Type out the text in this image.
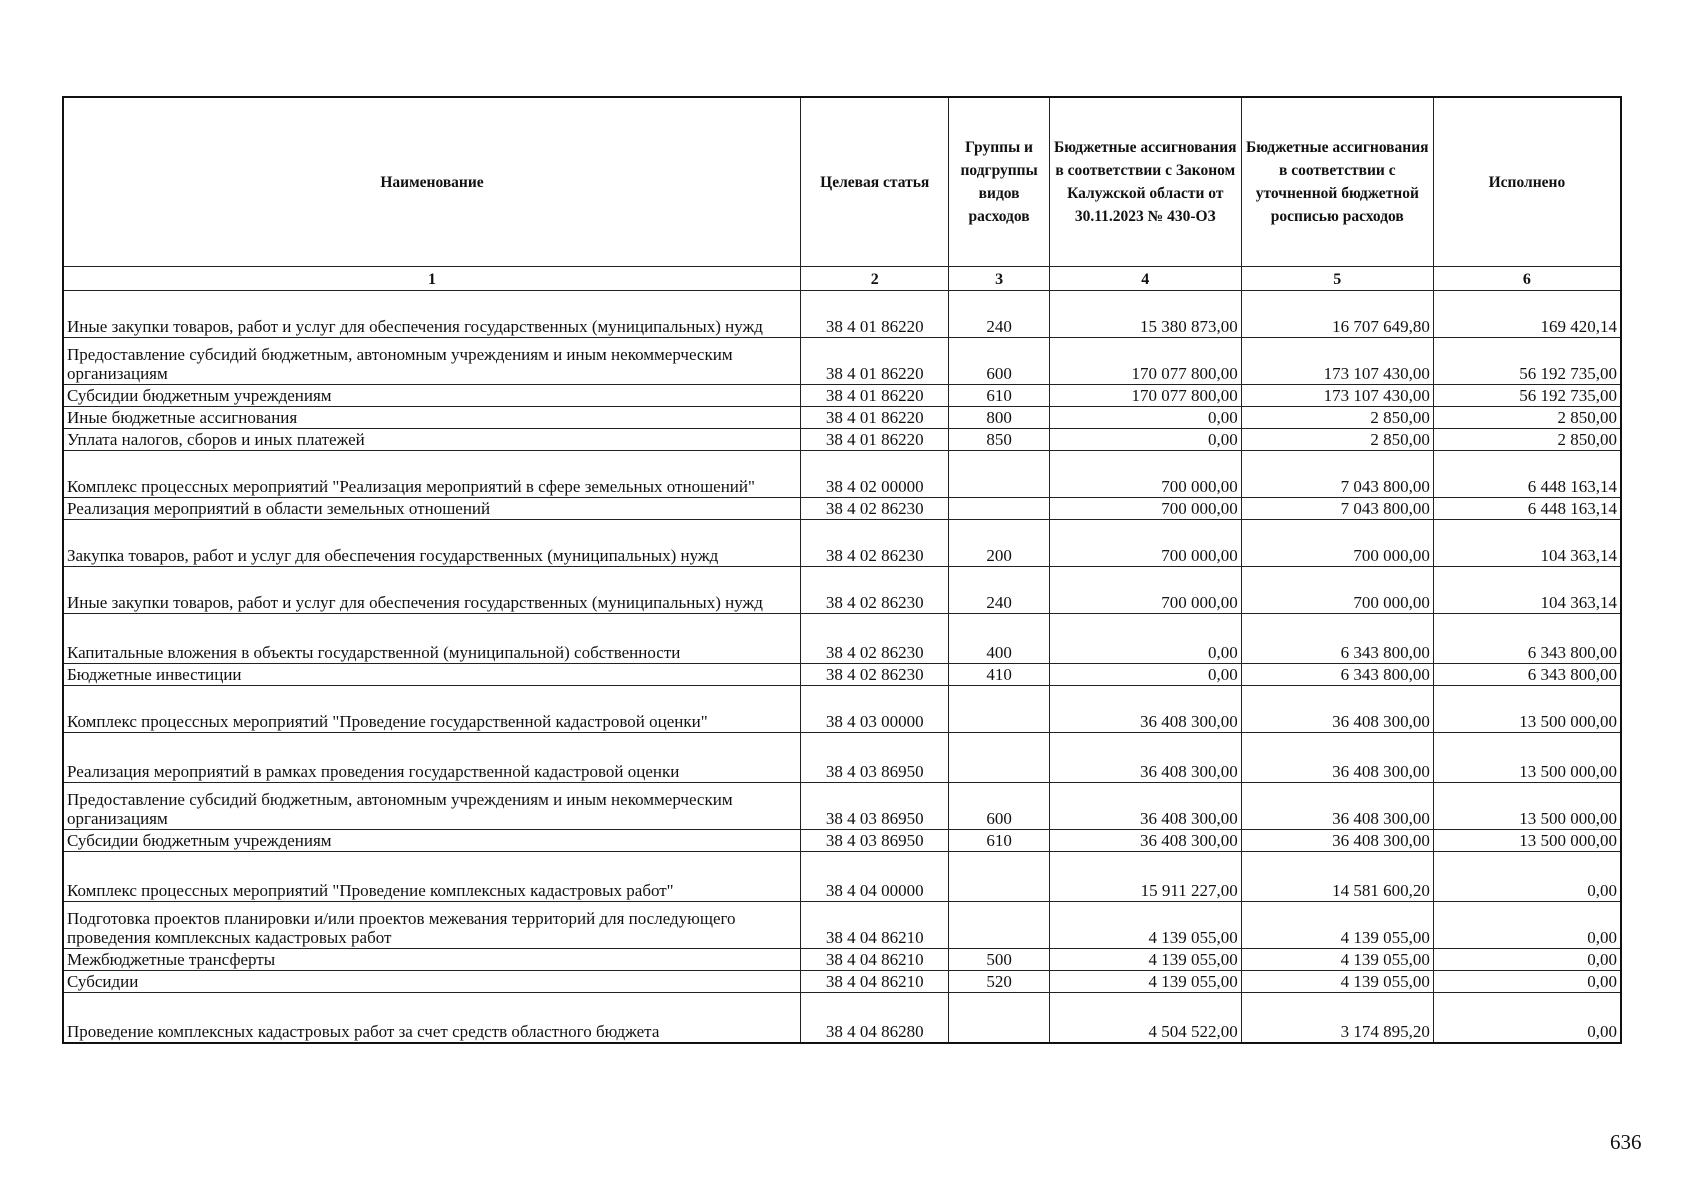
Наименование	Целевая статья	Группы и подгруппы видов расходов	Бюджетные ассигнования в соответствии с Законом Калужской области от 30.11.2023 № 430-ОЗ	Бюджетные ассигнования в соответствии с уточненной бюджетной росписью расходов	Исполнено
1	2	3	4	5	6
Иные закупки товаров, работ и услуг для обеспечения государственных (муниципальных) нужд	38 4 01 86220	240	15 380 873,00	16 707 649,80	169 420,14
Предоставление субсидий бюджетным, автономным учреждениям и иным некоммерческим организациям	38 4 01 86220	600	170 077 800,00	173 107 430,00	56 192 735,00
Субсидии бюджетным учреждениям	38 4 01 86220	610	170 077 800,00	173 107 430,00	56 192 735,00
Иные бюджетные ассигнования	38 4 01 86220	800	0,00	2 850,00	2 850,00
Уплата налогов, сборов и иных платежей	38 4 01 86220	850	0,00	2 850,00	2 850,00
Комплекс процессных мероприятий "Реализация мероприятий в сфере земельных отношений"	38 4 02 00000		700 000,00	7 043 800,00	6 448 163,14
Реализация мероприятий в области земельных отношений	38 4 02 86230		700 000,00	7 043 800,00	6 448 163,14
Закупка товаров, работ и услуг для обеспечения государственных (муниципальных) нужд	38 4 02 86230	200	700 000,00	700 000,00	104 363,14
Иные закупки товаров, работ и услуг для обеспечения государственных (муниципальных) нужд	38 4 02 86230	240	700 000,00	700 000,00	104 363,14
Капитальные вложения в объекты государственной (муниципальной) собственности	38 4 02 86230	400	0,00	6 343 800,00	6 343 800,00
Бюджетные инвестиции	38 4 02 86230	410	0,00	6 343 800,00	6 343 800,00
Комплекс процессных мероприятий "Проведение государственной кадастровой оценки"	38 4 03 00000		36 408 300,00	36 408 300,00	13 500 000,00
Реализация мероприятий в рамках проведения государственной кадастровой оценки	38 4 03 86950		36 408 300,00	36 408 300,00	13 500 000,00
Предоставление субсидий бюджетным, автономным учреждениям и иным некоммерческим организациям	38 4 03 86950	600	36 408 300,00	36 408 300,00	13 500 000,00
Субсидии бюджетным учреждениям	38 4 03 86950	610	36 408 300,00	36 408 300,00	13 500 000,00
Комплекс процессных мероприятий "Проведение комплексных кадастровых работ"	38 4 04 00000		15 911 227,00	14 581 600,20	0,00
Подготовка проектов планировки и/или проектов межевания территорий для последующего проведения комплексных кадастровых работ	38 4 04 86210		4 139 055,00	4 139 055,00	0,00
Межбюджетные трансферты	38 4 04 86210	500	4 139 055,00	4 139 055,00	0,00
Субсидии	38 4 04 86210	520	4 139 055,00	4 139 055,00	0,00
Проведение комплексных кадастровых работ за счет средств областного бюджета	38 4 04 86280		4 504 522,00	3 174 895,20	0,00
636
